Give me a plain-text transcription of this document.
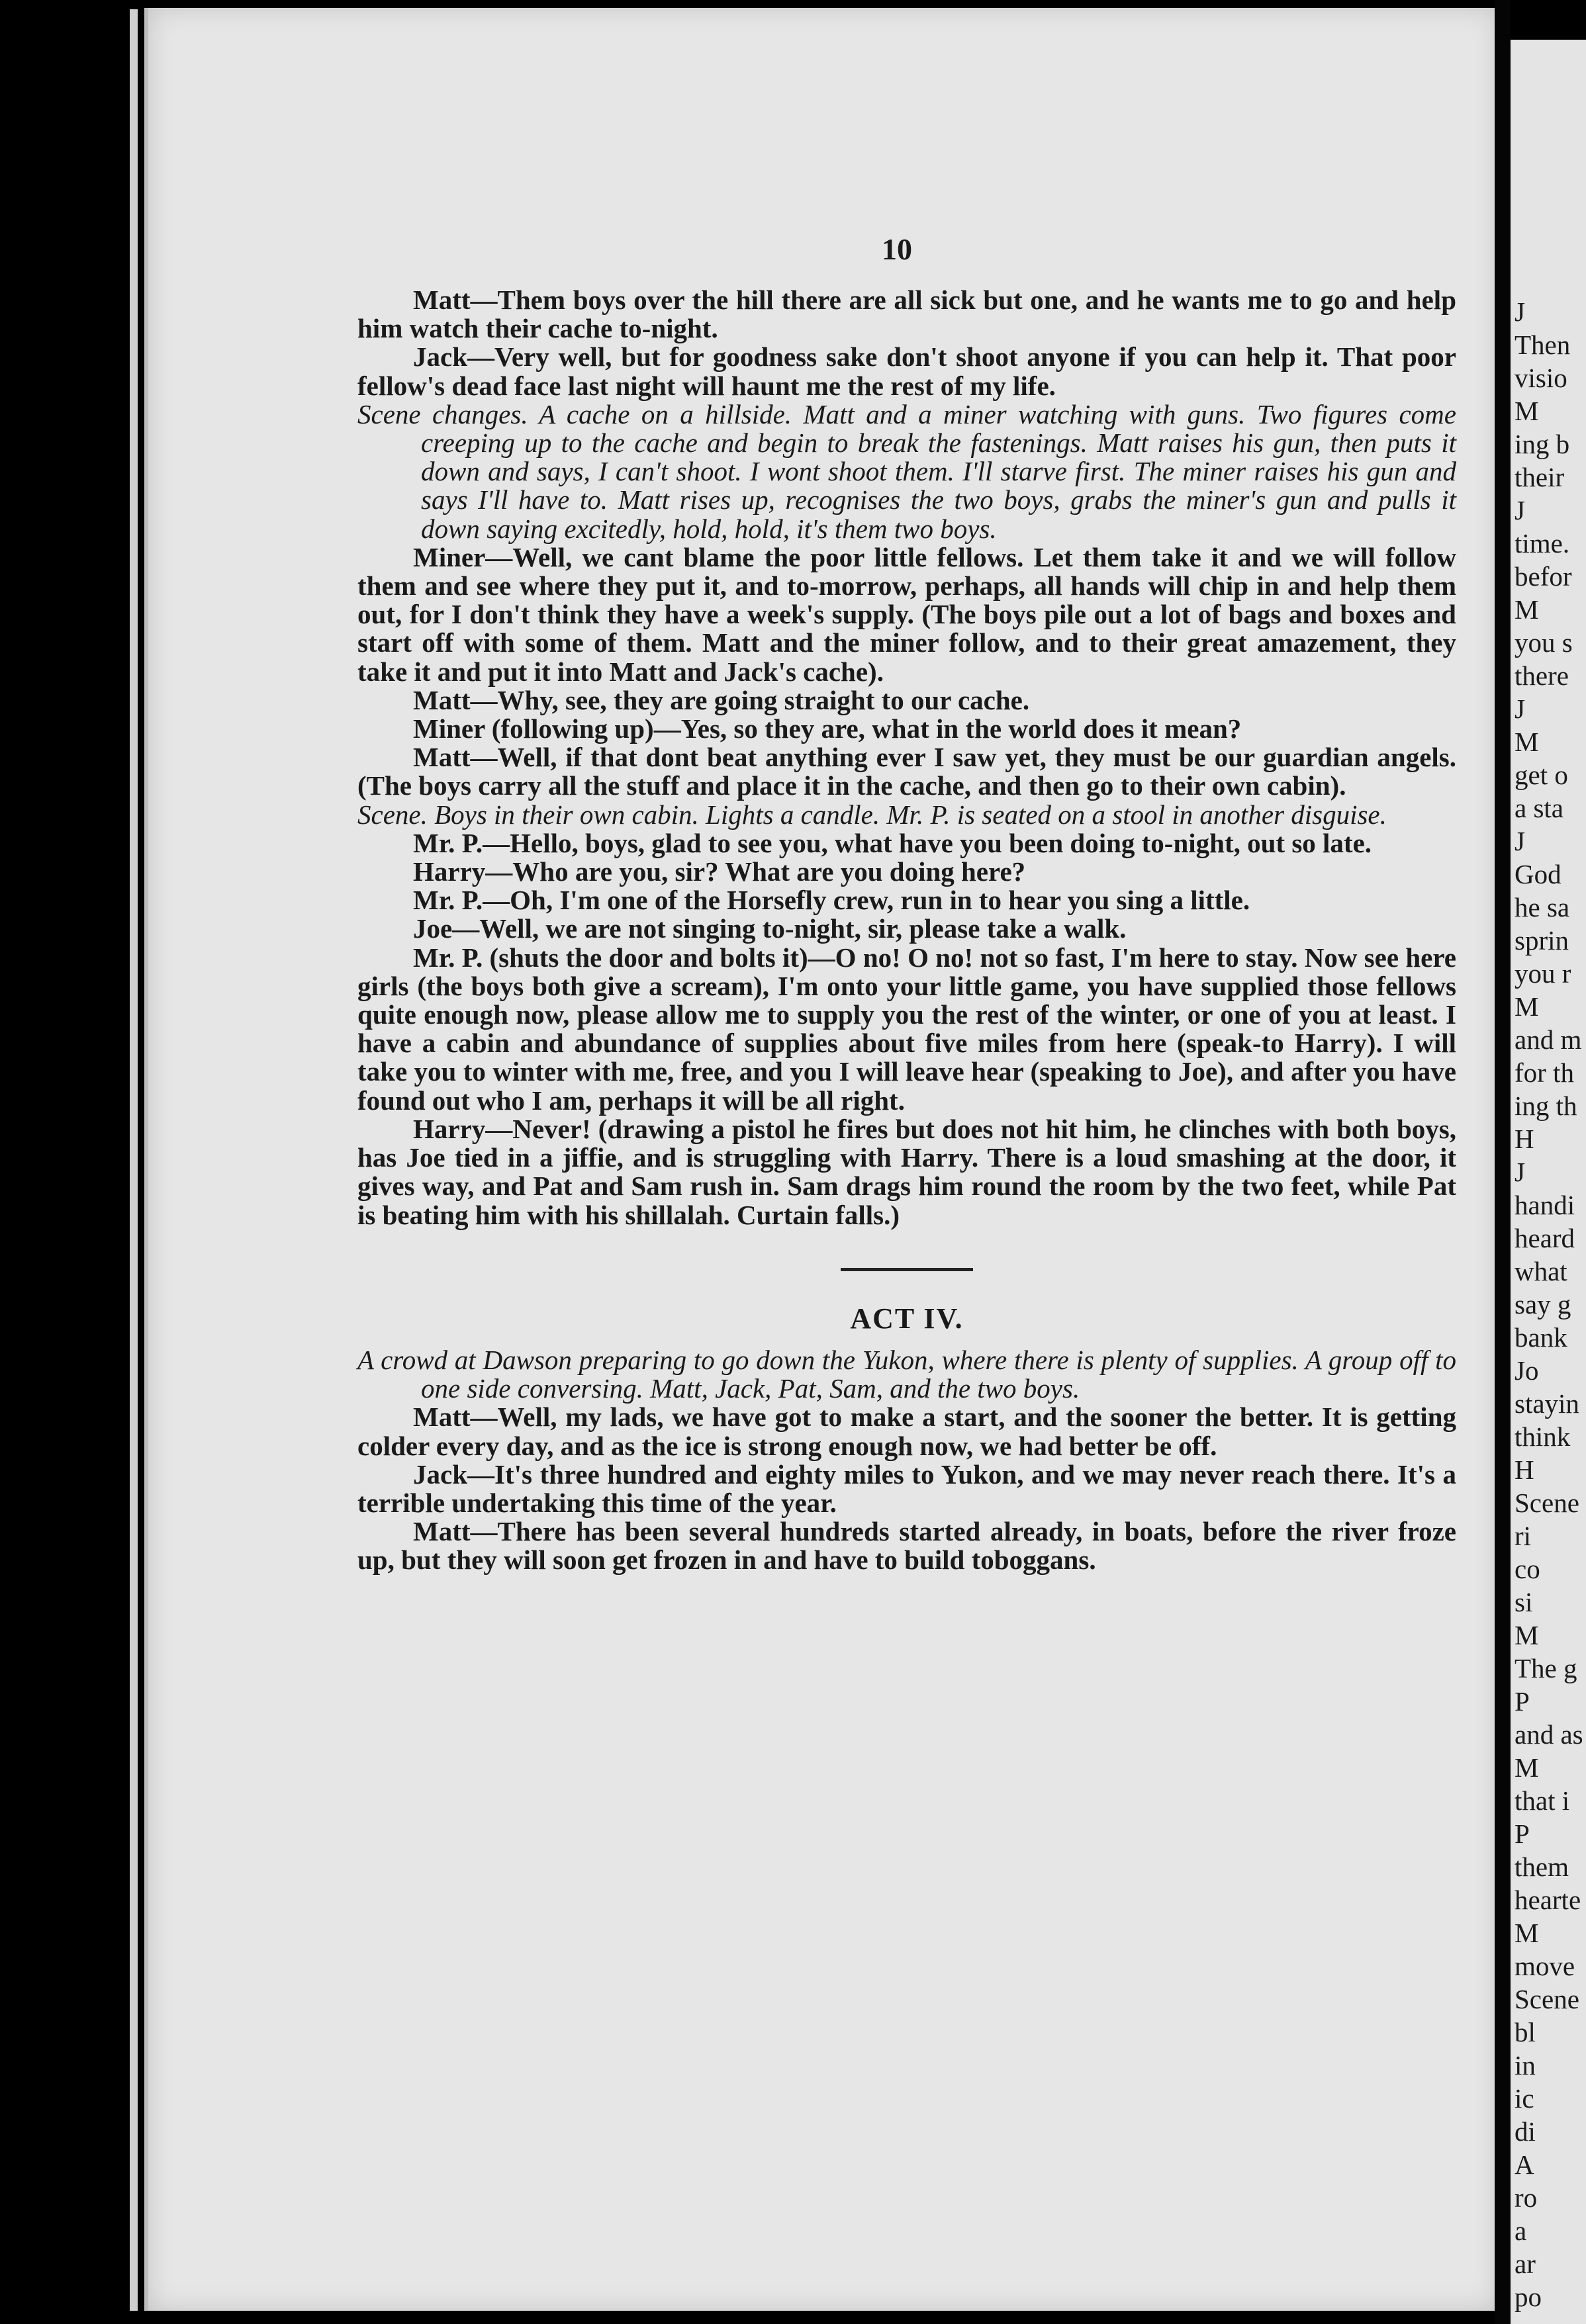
J
Then
visio
M
ing b
their
J
time.
befor
M
you s
there
J
M
get o
a sta
J
God
he sa
sprin
you r
M
and m
for th
ing th
H
J
handi
heard
what
say g
bank
Jo
stayin
think
H
Scene
ri
co
si
M
The g
P
and as
M
that i
P
them
hearte
M
move
Scene
bl
in
ic
di
A
ro
a
ar
po
10

Matt—Them boys over the hill there are all sick but one, and he wants me to go and help him watch their cache to-night.

Jack—Very well, but for goodness sake don't shoot anyone if you can help it. That poor fellow's dead face last night will haunt me the rest of my life.

Scene changes. A cache on a hillside. Matt and a miner watching with guns. Two figures come creeping up to the cache and begin to break the fastenings. Matt raises his gun, then puts it down and says, I can't shoot. I wont shoot them. I'll starve first. The miner raises his gun and says I'll have to. Matt rises up, recognises the two boys, grabs the miner's gun and pulls it down saying excitedly, hold, hold, it's them two boys.

Miner—Well, we cant blame the poor little fellows. Let them take it and we will follow them and see where they put it, and to-morrow, perhaps, all hands will chip in and help them out, for I don't think they have a week's supply. (The boys pile out a lot of bags and boxes and start off with some of them. Matt and the miner follow, and to their great amazement, they take it and put it into Matt and Jack's cache).

Matt—Why, see, they are going straight to our cache.

Miner (following up)—Yes, so they are, what in the world does it mean?

Matt—Well, if that dont beat anything ever I saw yet, they must be our guardian angels. (The boys carry all the stuff and place it in the cache, and then go to their own cabin).

Scene. Boys in their own cabin. Lights a candle. Mr. P. is seated on a stool in another disguise.

Mr. P.—Hello, boys, glad to see you, what have you been doing to-night, out so late.

Harry—Who are you, sir? What are you doing here?

Mr. P.—Oh, I'm one of the Horsefly crew, run in to hear you sing a little.

Joe—Well, we are not singing to-night, sir, please take a walk.

Mr. P. (shuts the door and bolts it)—O no! O no! not so fast, I'm here to stay. Now see here girls (the boys both give a scream), I'm onto your little game, you have supplied those fellows quite enough now, please allow me to supply you the rest of the winter, or one of you at least. I have a cabin and abundance of supplies about five miles from here (speak-to Harry). I will take you to winter with me, free, and you I will leave hear (speaking to Joe), and after you have found out who I am, perhaps it will be all right.

Harry—Never! (drawing a pistol he fires but does not hit him, he clinches with both boys, has Joe tied in a jiffie, and is struggling with Harry. There is a loud smashing at the door, it gives way, and Pat and Sam rush in. Sam drags him round the room by the two feet, while Pat is beating him with his shillalah. Curtain falls.)

ACT IV.

A crowd at Dawson preparing to go down the Yukon, where there is plenty of supplies. A group off to one side conversing. Matt, Jack, Pat, Sam, and the two boys.

Matt—Well, my lads, we have got to make a start, and the sooner the better. It is getting colder every day, and as the ice is strong enough now, we had better be off.

Jack—It's three hundred and eighty miles to Yukon, and we may never reach there. It's a terrible undertaking this time of the year.

Matt—There has been several hundreds started already, in boats, before the river froze up, but they will soon get frozen in and have to build toboggans.
